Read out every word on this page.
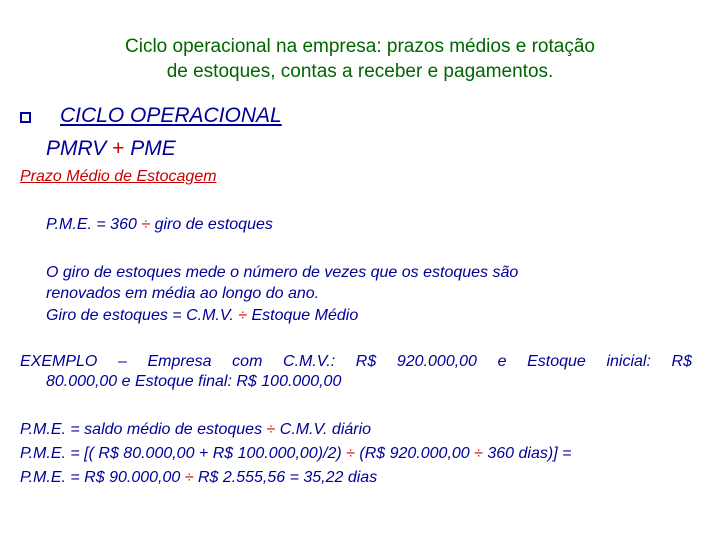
Ciclo operacional na empresa: prazos médios e rotação
de estoques, contas a receber e pagamentos.
CICLO OPERACIONAL
PMRV + PME
Prazo Médio de Estocagem
P.M.E. = 360 ÷ giro de estoques
O giro de estoques mede o número de vezes que os estoques são
renovados em média ao longo do ano.
Giro de estoques = C.M.V. ÷ Estoque Médio
EXEMPLO – Empresa com C.M.V.: R$ 920.000,00 e Estoque inicial: R$
80.000,00 e Estoque final: R$ 100.000,00
P.M.E. = saldo médio de estoques ÷ C.M.V. diário
P.M.E. = [( R$ 80.000,00 + R$ 100.000,00)/2) ÷ (R$ 920.000,00 ÷ 360 dias)] =
P.M.E. = R$ 90.000,00 ÷ R$ 2.555,56 = 35,22 dias
